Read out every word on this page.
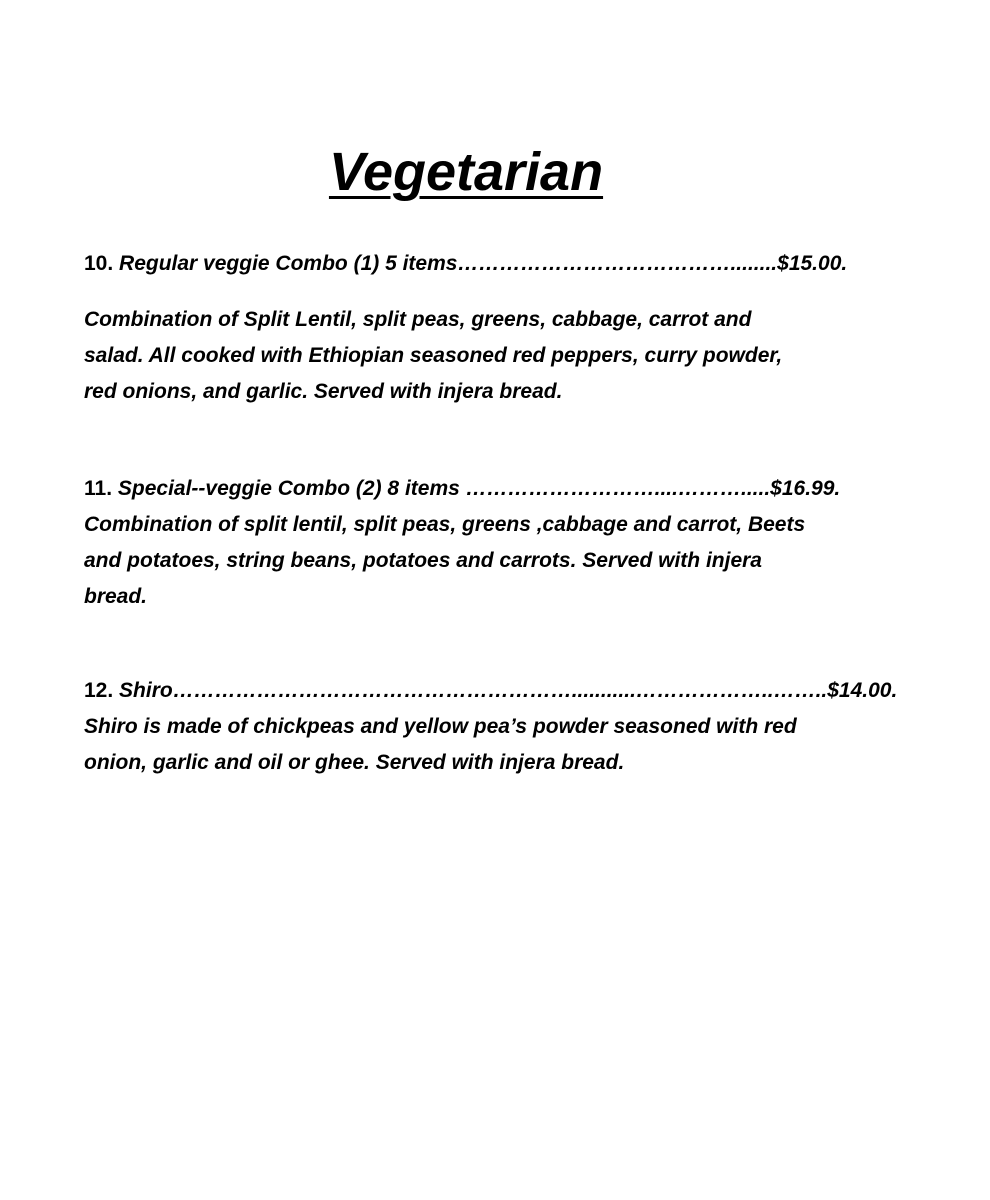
Vegetarian
10. Regular veggie Combo (1) 5 items…………………………………........$15.00.
Combination of Split Lentil, split peas, greens, cabbage, carrot and
salad. All cooked with Ethiopian seasoned red peppers, curry powder,
red onions, and garlic. Served with injera bread.
11. Special--veggie Combo (2) 8 items ………………………....……….....$16.99.
Combination of split lentil, split peas, greens ,cabbage and carrot, Beets
and potatoes, string beans, potatoes and carrots. Served with injera
bread.
12. Shiro…………………………………………………...........………………..……..$14.00.
Shiro is made of chickpeas and yellow pea’s powder seasoned with red
onion, garlic and oil or ghee. Served with injera bread.
